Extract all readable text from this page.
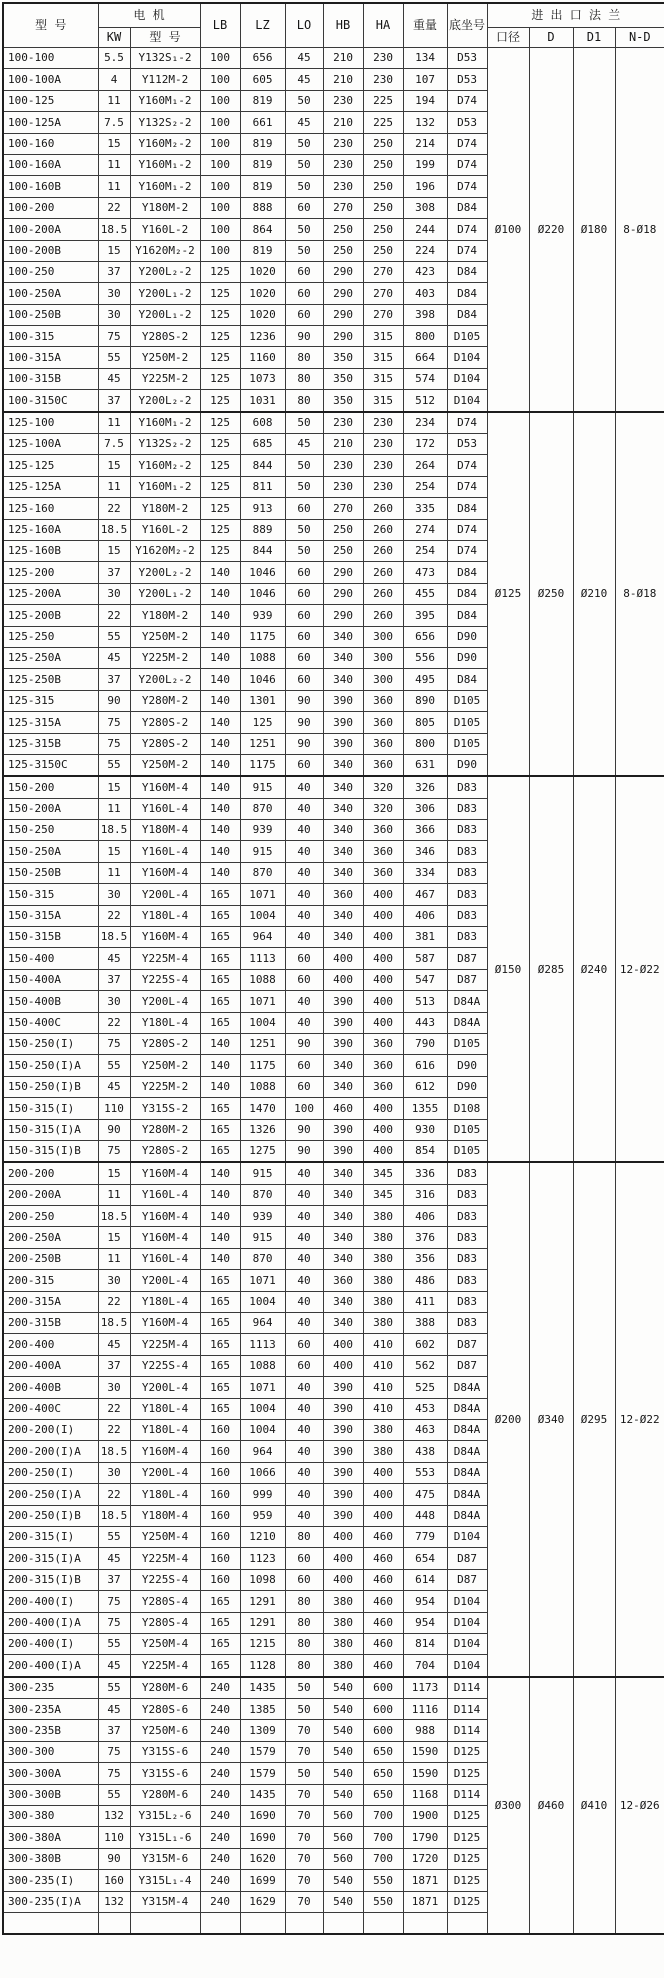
型 号	电 机		LB	LZ	LO	HB	HA	重量	底坐号	进 出 口 法 兰			
	KW	型 号								口径	D	D1	N-D
100-100	5.5	Y132S₁-2	100	656	45	210	230	134	D53	Ø100	Ø220	Ø180	8-Ø18
100-100A	4	Y112M-2	100	605	45	210	230	107	D53				
100-125	11	Y160M₁-2	100	819	50	230	225	194	D74				
100-125A	7.5	Y132S₂-2	100	661	45	210	225	132	D53				
100-160	15	Y160M₂-2	100	819	50	230	250	214	D74				
100-160A	11	Y160M₁-2	100	819	50	230	250	199	D74				
100-160B	11	Y160M₁-2	100	819	50	230	250	196	D74				
100-200	22	Y180M-2	100	888	60	270	250	308	D84				
100-200A	18.5	Y160L-2	100	864	50	250	250	244	D74				
100-200B	15	Y1620M₂-2	100	819	50	250	250	224	D74				
100-250	37	Y200L₂-2	125	1020	60	290	270	423	D84				
100-250A	30	Y200L₁-2	125	1020	60	290	270	403	D84				
100-250B	30	Y200L₁-2	125	1020	60	290	270	398	D84				
100-315	75	Y280S-2	125	1236	90	290	315	800	D105				
100-315A	55	Y250M-2	125	1160	80	350	315	664	D104				
100-315B	45	Y225M-2	125	1073	80	350	315	574	D104				
100-3150C	37	Y200L₂-2	125	1031	80	350	315	512	D104				
125-100	11	Y160M₁-2	125	608	50	230	230	234	D74	Ø125	Ø250	Ø210	8-Ø18
125-100A	7.5	Y132S₂-2	125	685	45	210	230	172	D53				
125-125	15	Y160M₂-2	125	844	50	230	230	264	D74				
125-125A	11	Y160M₁-2	125	811	50	230	230	254	D74				
125-160	22	Y180M-2	125	913	60	270	260	335	D84				
125-160A	18.5	Y160L-2	125	889	50	250	260	274	D74				
125-160B	15	Y1620M₂-2	125	844	50	250	260	254	D74				
125-200	37	Y200L₂-2	140	1046	60	290	260	473	D84				
125-200A	30	Y200L₁-2	140	1046	60	290	260	455	D84				
125-200B	22	Y180M-2	140	939	60	290	260	395	D84				
125-250	55	Y250M-2	140	1175	60	340	300	656	D90				
125-250A	45	Y225M-2	140	1088	60	340	300	556	D90				
125-250B	37	Y200L₂-2	140	1046	60	340	300	495	D84				
125-315	90	Y280M-2	140	1301	90	390	360	890	D105				
125-315A	75	Y280S-2	140	125	90	390	360	805	D105				
125-315B	75	Y280S-2	140	1251	90	390	360	800	D105				
125-3150C	55	Y250M-2	140	1175	60	340	360	631	D90				
150-200	15	Y160M-4	140	915	40	340	320	326	D83	Ø150	Ø285	Ø240	12-Ø22
150-200A	11	Y160L-4	140	870	40	340	320	306	D83				
150-250	18.5	Y180M-4	140	939	40	340	360	366	D83				
150-250A	15	Y160L-4	140	915	40	340	360	346	D83				
150-250B	11	Y160M-4	140	870	40	340	360	334	D83				
150-315	30	Y200L-4	165	1071	40	360	400	467	D83				
150-315A	22	Y180L-4	165	1004	40	340	400	406	D83				
150-315B	18.5	Y160M-4	165	964	40	340	400	381	D83				
150-400	45	Y225M-4	165	1113	60	400	400	587	D87				
150-400A	37	Y225S-4	165	1088	60	400	400	547	D87				
150-400B	30	Y200L-4	165	1071	40	390	400	513	D84A				
150-400C	22	Y180L-4	165	1004	40	390	400	443	D84A				
150-250(I)	75	Y280S-2	140	1251	90	390	360	790	D105				
150-250(I)A	55	Y250M-2	140	1175	60	340	360	616	D90				
150-250(I)B	45	Y225M-2	140	1088	60	340	360	612	D90				
150-315(I)	110	Y315S-2	165	1470	100	460	400	1355	D108				
150-315(I)A	90	Y280M-2	165	1326	90	390	400	930	D105				
150-315(I)B	75	Y280S-2	165	1275	90	390	400	854	D105				
200-200	15	Y160M-4	140	915	40	340	345	336	D83	Ø200	Ø340	Ø295	12-Ø22
200-200A	11	Y160L-4	140	870	40	340	345	316	D83				
200-250	18.5	Y160M-4	140	939	40	340	380	406	D83				
200-250A	15	Y160M-4	140	915	40	340	380	376	D83				
200-250B	11	Y160L-4	140	870	40	340	380	356	D83				
200-315	30	Y200L-4	165	1071	40	360	380	486	D83				
200-315A	22	Y180L-4	165	1004	40	340	380	411	D83				
200-315B	18.5	Y160M-4	165	964	40	340	380	388	D83				
200-400	45	Y225M-4	165	1113	60	400	410	602	D87				
200-400A	37	Y225S-4	165	1088	60	400	410	562	D87				
200-400B	30	Y200L-4	165	1071	40	390	410	525	D84A				
200-400C	22	Y180L-4	165	1004	40	390	410	453	D84A				
200-200(I)	22	Y180L-4	160	1004	40	390	380	463	D84A				
200-200(I)A	18.5	Y160M-4	160	964	40	390	380	438	D84A				
200-250(I)	30	Y200L-4	160	1066	40	390	400	553	D84A				
200-250(I)A	22	Y180L-4	160	999	40	390	400	475	D84A				
200-250(I)B	18.5	Y180M-4	160	959	40	390	400	448	D84A				
200-315(I)	55	Y250M-4	160	1210	80	400	460	779	D104				
200-315(I)A	45	Y225M-4	160	1123	60	400	460	654	D87				
200-315(I)B	37	Y225S-4	160	1098	60	400	460	614	D87				
200-400(I)	75	Y280S-4	165	1291	80	380	460	954	D104				
200-400(I)A	75	Y280S-4	165	1291	80	380	460	954	D104				
200-400(I)	55	Y250M-4	165	1215	80	380	460	814	D104				
200-400(I)A	45	Y225M-4	165	1128	80	380	460	704	D104				
300-235	55	Y280M-6	240	1435	50	540	600	1173	D114	Ø300	Ø460	Ø410	12-Ø26
300-235A	45	Y280S-6	240	1385	50	540	600	1116	D114				
300-235B	37	Y250M-6	240	1309	70	540	600	988	D114				
300-300	75	Y315S-6	240	1579	70	540	650	1590	D125				
300-300A	75	Y315S-6	240	1579	50	540	650	1590	D125				
300-300B	55	Y280M-6	240	1435	70	540	650	1168	D114				
300-380	132	Y315L₂-6	240	1690	70	560	700	1900	D125				
300-380A	110	Y315L₁-6	240	1690	70	560	700	1790	D125				
300-380B	90	Y315M-6	240	1620	70	560	700	1720	D125				
300-235(I)	160	Y315L₁-4	240	1699	70	540	550	1871	D125				
300-235(I)A	132	Y315M-4	240	1629	70	540	550	1871	D125				
